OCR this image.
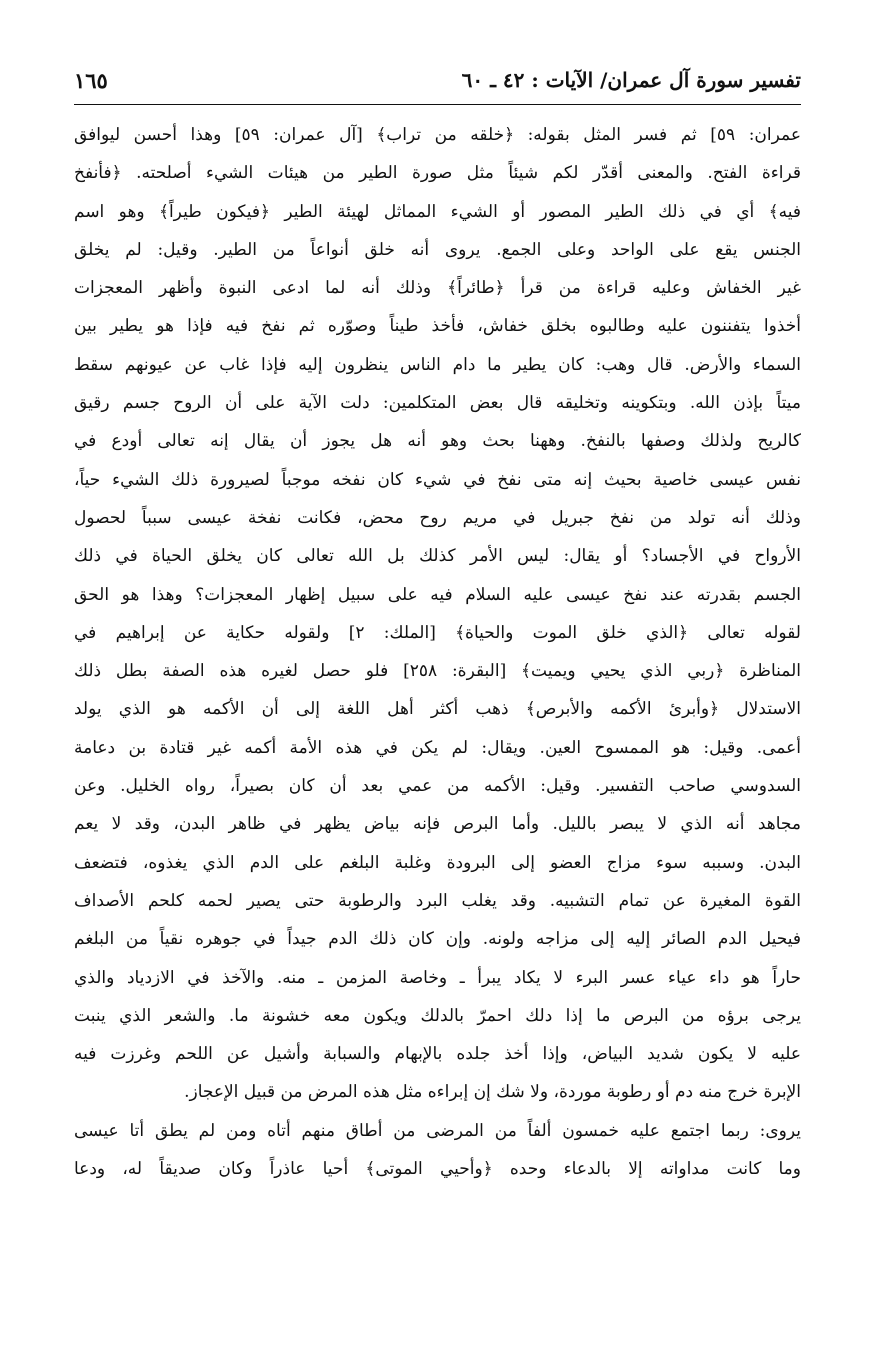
تفسير سورة آل عمران/ الآيات : ٤٢ ـ ٦٠
١٦٥
عمران: ٥٩] ثم فسر المثل بقوله: ﴿خلقه من تراب﴾ [آل عمران: ٥٩] وهذا أحسن ليوافق
قراءة الفتح. والمعنى أقدّر لكم شيئاً مثل صورة الطير من هيئات الشيء أصلحته. ﴿فأنفخ
فيه﴾ أي في ذلك الطير المصور أو الشيء المماثل لهيئة الطير ﴿فيكون طيراً﴾ وهو اسم
الجنس يقع على الواحد وعلى الجمع. يروى أنه خلق أنواعاً من الطير. وقيل: لم يخلق
غير الخفاش وعليه قراءة من قرأ ﴿طائراً﴾ وذلك أنه لما ادعى النبوة وأظهر المعجزات
أخذوا يتفننون عليه وطالبوه بخلق خفاش، فأخذ طيناً وصوّره ثم نفخ فيه فإذا هو يطير بين
السماء والأرض. قال وهب: كان يطير ما دام الناس ينظرون إليه فإذا غاب عن عيونهم سقط
ميتاً بإذن الله. وبتكوينه وتخليقه قال بعض المتكلمين: دلت الآية على أن الروح جسم رقيق
كالريح ولذلك وصفها بالنفخ. وههنا بحث وهو أنه هل يجوز أن يقال إنه تعالى أودع في
نفس عيسى خاصية بحيث إنه متى نفخ في شيء كان نفخه موجباً لصيرورة ذلك الشيء حياً،
وذلك أنه تولد من نفخ جبريل في مريم روح محض، فكانت نفخة عيسى سبباً لحصول
الأرواح في الأجساد؟ أو يقال: ليس الأمر كذلك بل الله تعالى كان يخلق الحياة في ذلك
الجسم بقدرته عند نفخ عيسى عليه السلام فيه على سبيل إظهار المعجزات؟ وهذا هو الحق
لقوله تعالى ﴿الذي خلق الموت والحياة﴾ [الملك: ٢] ولقوله حكاية عن إبراهيم في
المناظرة ﴿ربي الذي يحيي ويميت﴾ [البقرة: ٢٥٨] فلو حصل لغيره هذه الصفة بطل ذلك
الاستدلال ﴿وأبرئ الأكمه والأبرص﴾ ذهب أكثر أهل اللغة إلى أن الأكمه هو الذي يولد
أعمى. وقيل: هو الممسوح العين. ويقال: لم يكن في هذه الأمة أكمه غير قتادة بن دعامة
السدوسي صاحب التفسير. وقيل: الأكمه من عمي بعد أن كان بصيراً، رواه الخليل. وعن
مجاهد أنه الذي لا يبصر بالليل. وأما البرص فإنه بياض يظهر في ظاهر البدن، وقد لا يعم
البدن. وسببه سوء مزاج العضو إلى البرودة وغلبة البلغم على الدم الذي يغذوه، فتضعف
القوة المغيرة عن تمام التشبيه. وقد يغلب البرد والرطوبة حتى يصير لحمه كلحم الأصداف
فيحيل الدم الصائر إليه إلى مزاجه ولونه. وإن كان ذلك الدم جيداً في جوهره نقياً من البلغم
حاراً هو داء عياء عسر البرء لا يكاد يبرأ ـ وخاصة المزمن ـ منه. والآخذ في الازدياد والذي
يرجى برؤه من البرص ما إذا دلك احمرّ بالدلك ويكون معه خشونة ما. والشعر الذي ينبت
عليه لا يكون شديد البياض، وإذا أخذ جلده بالإبهام والسبابة وأشيل عن اللحم وغرزت فيه
الإبرة خرج منه دم أو رطوبة موردة، ولا شك إن إبراءه مثل هذه المرض من قبيل الإعجاز.
يروى: ربما اجتمع عليه خمسون ألفاً من المرضى من أطاق منهم أتاه ومن لم يطق أتا عيسى
وما كانت مداواته إلا بالدعاء وحده ﴿وأحيي الموتى﴾ أحيا عاذراً وكان صديقاً له، ودعا
